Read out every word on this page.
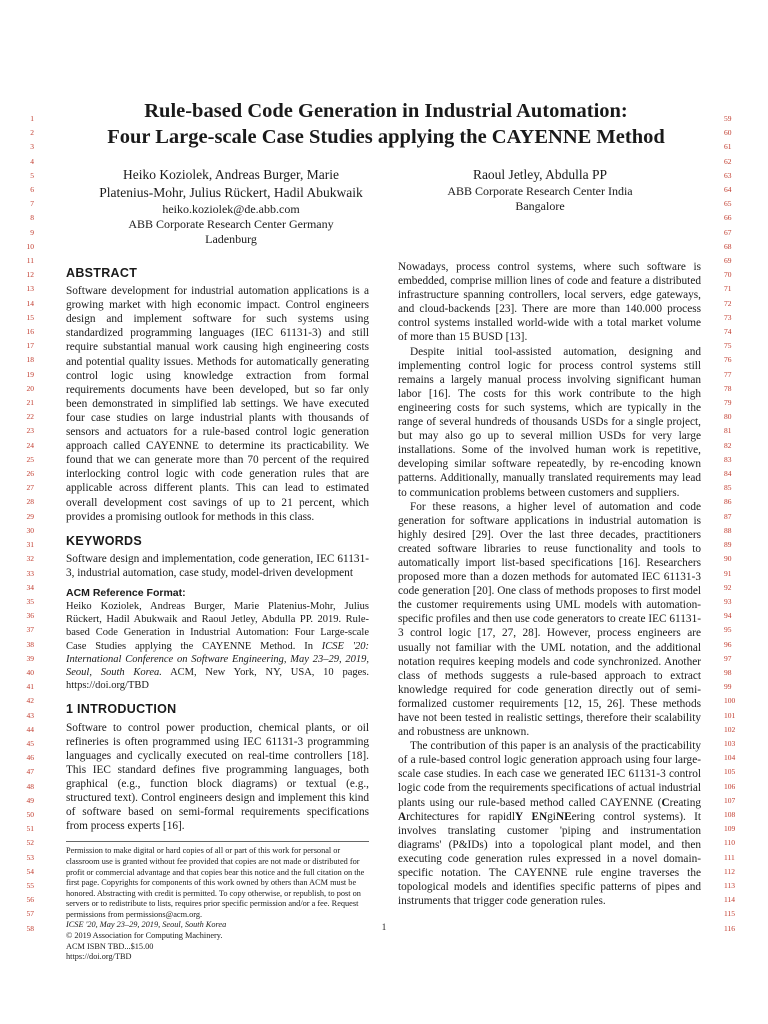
1
2
3
4
5
6
7
8
9
10
11
12
13
14
15
16
17
18
19
20
21
22
23
24
25
26
27
28
29
30
31
32
33
34
35
36
37
38
39
40
41
42
43
44
45
46
47
48
49
50
51
52
53
54
55
56
57
58
59
60
61
62
63
64
65
66
67
68
69
70
71
72
73
74
75
76
77
78
79
80
81
82
83
84
85
86
87
88
89
90
91
92
93
94
95
96
97
98
99
100
101
102
103
104
105
106
107
108
109
110
111
112
113
114
115
116
Rule-based Code Generation in Industrial Automation:
Four Large-scale Case Studies applying the CAYENNE Method
Heiko Koziolek, Andreas Burger, Marie
Platenius-Mohr, Julius Rückert, Hadil Abukwaik
heiko.koziolek@de.abb.com
ABB Corporate Research Center Germany
Ladenburg
Raoul Jetley, Abdulla PP
ABB Corporate Research Center India
Bangalore
ABSTRACT

Software development for industrial automation applications is a growing market with high economic impact. Control engineers design and implement software for such systems using standardized programming languages (IEC 61131-3) and still require substantial manual work causing high engineering costs and potential quality issues. Methods for automatically generating control logic using knowledge extraction from formal requirements documents have been developed, but so far only been demonstrated in simplified lab settings. We have executed four case studies on large industrial plants with thousands of sensors and actuators for a rule-based control logic generation approach called CAYENNE to determine its practicability. We found that we can generate more than 70 percent of the required interlocking control logic with code generation rules that are applicable across different plants. This can lead to estimated overall development cost savings of up to 21 percent, which provides a promising outlook for methods in this class.

KEYWORDS

Software design and implementation, code generation, IEC 61131-3, industrial automation, case study, model-driven development

ACM Reference Format:

Heiko Koziolek, Andreas Burger, Marie Platenius-Mohr, Julius Rückert, Hadil Abukwaik and Raoul Jetley, Abdulla PP. 2019. Rule-based Code Generation in Industrial Automation: Four Large-scale Case Studies applying the CAYENNE Method. In ICSE '20: International Conference on Software Engineering, May 23–29, 2019, Seoul, South Korea. ACM, New York, NY, USA, 10 pages. https://doi.org/TBD

1 INTRODUCTION

Software to control power production, chemical plants, or oil refineries is often programmed using IEC 61131-3 programming languages and cyclically executed on real-time controllers [18]. This IEC standard defines five programming languages, both graphical (e.g., function block diagrams) or textual (e.g., structured text). Control engineers design and implement this kind of software based on semi-formal requirements specifications from process experts [16].

Permission to make digital or hard copies of all or part of this work for personal or classroom use is granted without fee provided that copies are not made or distributed for profit or commercial advantage and that copies bear this notice and the full citation on the first page. Copyrights for components of this work owned by others than ACM must be honored. Abstracting with credit is permitted. To copy otherwise, or republish, to post on servers or to redistribute to lists, requires prior specific permission and/or a fee. Request permissions from permissions@acm.org.

ICSE '20, May 23–29, 2019, Seoul, South Korea

© 2019 Association for Computing Machinery.

ACM ISBN TBD...$15.00

https://doi.org/TBD

Nowadays, process control systems, where such software is embedded, comprise million lines of code and feature a distributed infrastructure spanning controllers, local servers, edge gateways, and cloud-backends [23]. There are more than 140.000 process control systems installed world-wide with a total market volume of more than 15 BUSD [13].

Despite initial tool-assisted automation, designing and implementing control logic for process control systems still remains a largely manual process involving significant human labor [16]. The costs for this work contribute to the high engineering costs for such systems, which are typically in the range of several hundreds of thousands USDs for a single project, but may also go up to several million USDs for very large installations. Some of the involved human work is repetitive, developing similar software repeatedly, by re-encoding known patterns. Additionally, manually translated requirements may lead to communication problems between customers and suppliers.

For these reasons, a higher level of automation and code generation for software applications in industrial automation is highly desired [29]. Over the last three decades, practitioners created software libraries to reuse functionality and tools to automatically import list-based specifications [16]. Researchers proposed more than a dozen methods for automated IEC 61131-3 code generation [20]. One class of methods proposes to first model the customer requirements using UML models with automation-specific profiles and then use code generators to create IEC 61131-3 control logic [17, 27, 28]. However, process engineers are usually not familiar with the UML notation, and the additional notation requires keeping models and code synchronized. Another class of methods suggests a rule-based approach to extract knowledge required for code generation directly out of semi-formalized customer requirements [12, 15, 26]. These methods have not been tested in realistic settings, therefore their scalability and robustness are unknown.

The contribution of this paper is an analysis of the practicability of a rule-based control logic generation approach using four large-scale case studies. In each case we generated IEC 61131-3 control logic code from the requirements specifications of actual industrial plants using our rule-based method called CAYENNE (Creating Architectures for rapidlY ENgiNEering control systems). It involves translating customer 'piping and instrumentation diagrams' (P&IDs) into a topological plant model, and then executing code generation rules expressed in a novel domain-specific notation. The CAYENNE rule engine traverses the topological models and identifies specific patterns of pipes and instruments that trigger code generation rules.

1
